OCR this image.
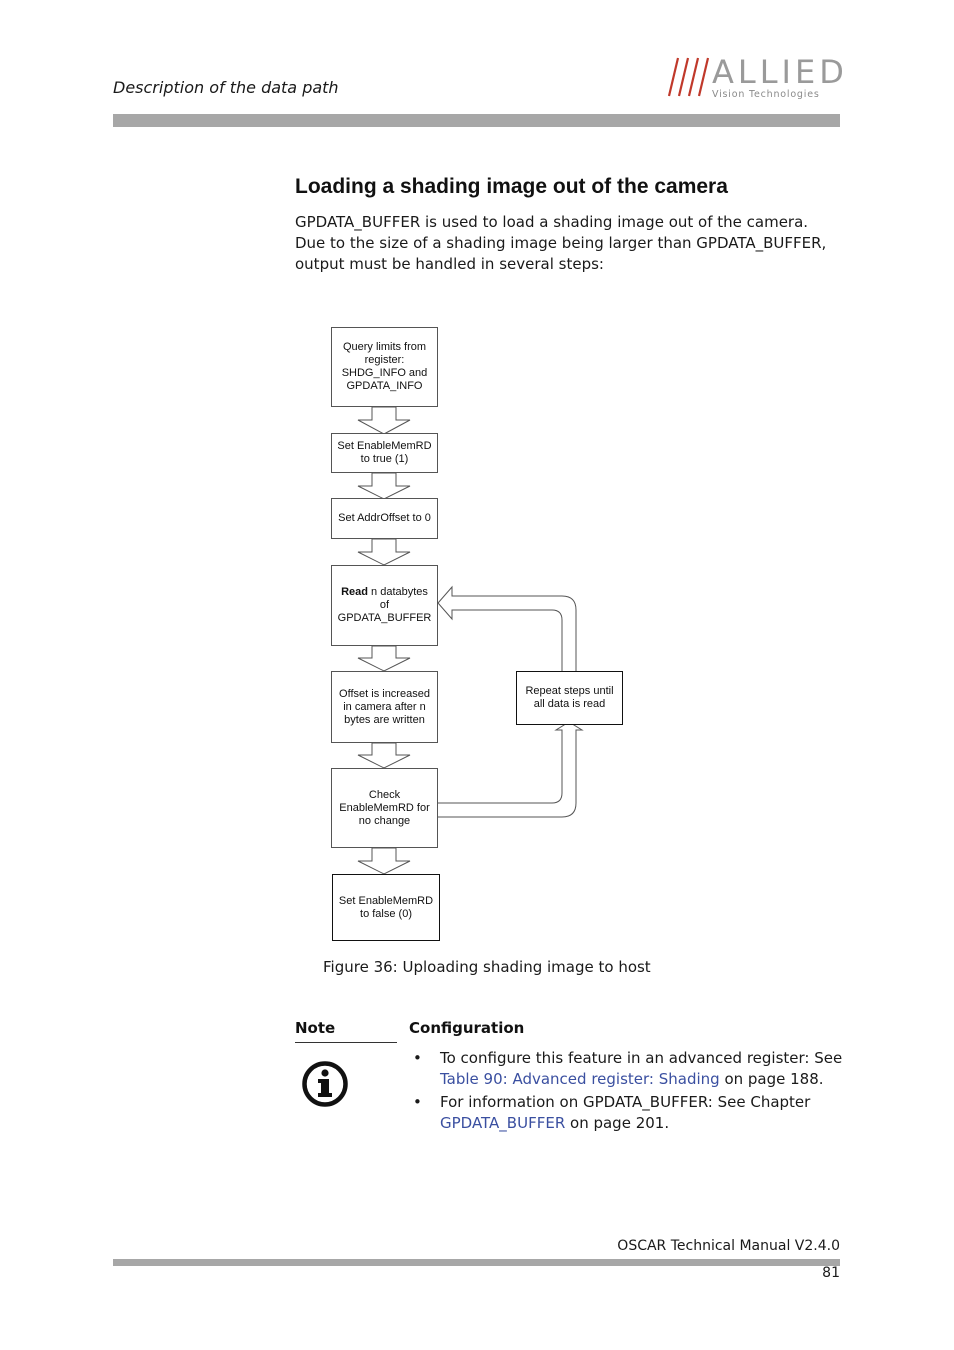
Description of the data path	ALLIED
Vision Technologies
Loading a shading image out of the camera
GPDATA_BUFFER is used to load a shading image out of the camera. Due to the size of a shading image being larger than GPDATA_BUFFER, output must be handled in several steps:
Query limits from
register:
SHDG_INFO and
GPDATA_INFO
Set EnableMemRD
to true (1)
Set AddrOffset to 0
Read n databytes
of
GPDATA_BUFFER
Offset is increased
in camera after n
bytes are written
Check
EnableMemRD for
no change
Set EnableMemRD
to false (0)
Repeat steps until
all data is read
Figure 36: Uploading shading image to host
Note	Configuration
• To configure this feature in an advanced register: See Table 90: Advanced register: Shading on page 188.
• For information on GPDATA_BUFFER: See Chapter GPDATA_BUFFER on page 201.
OSCAR Technical Manual V2.4.0
81
